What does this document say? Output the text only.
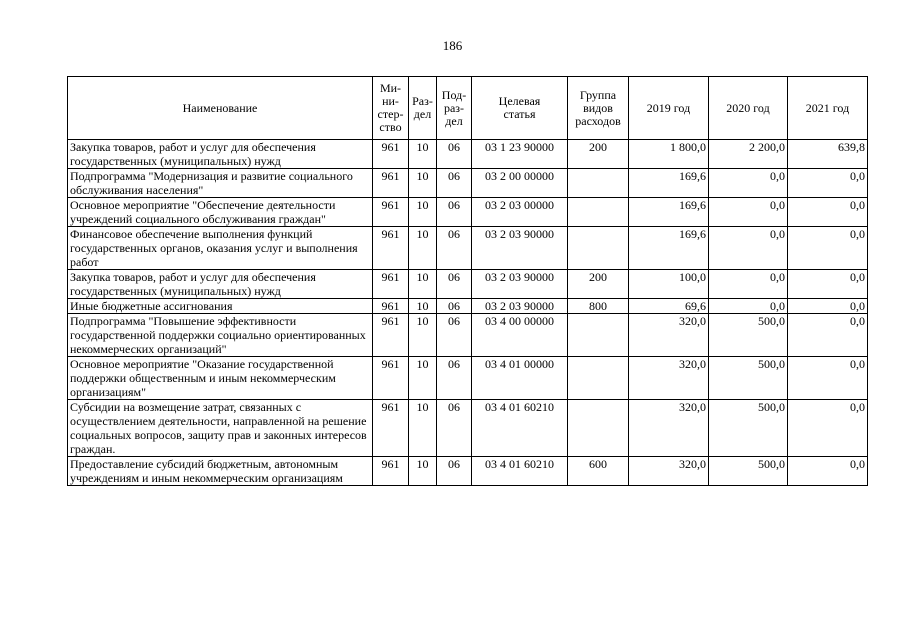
186
Наименование	Ми-
ни-
стер-
ство	Раз-
дел	Под-
раз-
дел	Целевая
статья	Группа
видов
расходов	2019 год	2020 год	2021 год
Закупка товаров, работ и услуг для обеспечения государственных (муниципальных) нужд	961	10	06	03 1 23 90000	200	1 800,0	2 200,0	639,8
Подпрограмма "Модернизация и развитие социального обслуживания населения"	961	10	06	03 2 00 00000		169,6	0,0	0,0
Основное мероприятие "Обеспечение деятельности учреждений социального обслуживания граждан"	961	10	06	03 2 03 00000		169,6	0,0	0,0
Финансовое обеспечение выполнения функций государственных органов, оказания услуг и выполнения работ	961	10	06	03 2 03 90000		169,6	0,0	0,0
Закупка товаров, работ и услуг для обеспечения государственных (муниципальных) нужд	961	10	06	03 2 03 90000	200	100,0	0,0	0,0
Иные бюджетные ассигнования	961	10	06	03 2 03 90000	800	69,6	0,0	0,0
Подпрограмма "Повышение эффективности государственной поддержки социально ориентированных некоммерческих организаций"	961	10	06	03 4 00 00000		320,0	500,0	0,0
Основное мероприятие "Оказание государственной поддержки общественным и иным некоммерческим организациям"	961	10	06	03 4 01 00000		320,0	500,0	0,0
Субсидии на возмещение затрат, связанных с осуществлением деятельности, направленной на решение социальных вопросов, защиту прав и законных интересов граждан.	961	10	06	03 4 01 60210		320,0	500,0	0,0
Предоставление субсидий бюджетным, автономным учреждениям и иным некоммерческим организациям	961	10	06	03 4 01 60210	600	320,0	500,0	0,0
